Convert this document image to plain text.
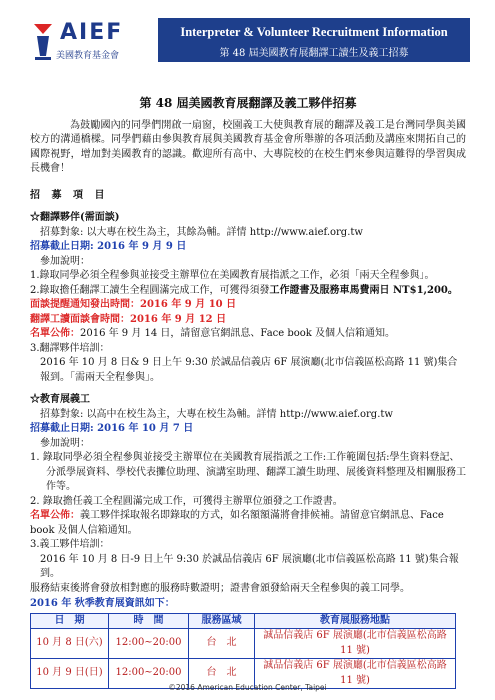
AIEF
美國教育基金會
Interpreter & Volunteer Recruitment Information
第 48 屆美國教育展翻譯工讀生及義工招募
第 48 屆美國教育展翻譯及義工夥伴招募

為鼓勵國內的同學們開啟一扇窗，校園義工大使與教育展的翻譯及義工是台灣同學與美國校方的溝通橋樑。同學們藉由參與教育展與美國教育基金會所舉辦的各項活動及講座來開拓自己的國際視野，增加對美國教育的認識。歡迎所有高中、大專院校的在校生們來參與這難得的學習與成長機會！

招 募 項 目
☆翻譯夥伴(需面談)
招募對象: 以大專在校生為主，其餘為輔。詳情 http://www.aief.org.tw
招募截止日期: 2016 年 9 月 9 日
參加說明：
1.錄取同學必須全程參與並接受主辦單位在美國教育展指派之工作，必須「兩天全程參與」。
2.錄取擔任翻譯工讀生全程圓滿完成工作，可獲得須發工作證書及服務車馬費兩日 NT$1,200。
面談提醒通知發出時間：2016 年 9 月 10 日
翻譯工讀面談會時間：2016 年 9 月 12 日
名單公佈：2016 年 9 月 14 日，請留意官網訊息、Face book 及個人信箱通知。
3.翻譯夥伴培訓：
2016 年 10 月 8 日& 9 日上午 9:30 於誠品信義店 6F 展演廳(北市信義區松高路 11 號)集合報到。「需兩天全程參與」。
☆教育展義工
招募對象: 以高中在校生為主，大專在校生為輔。詳情 http://www.aief.org.tw
招募截止日期: 2016 年 10 月 7 日
參加說明：
1. 錄取同學必須全程參與並接受主辦單位在美國教育展指派之工作:工作範圍包括:學生資料登記、分派學展資料、學校代表攤位助理、演講室助理、翻譯工讀生助理、展後資料整理及相關服務工作等。
2. 錄取擔任義工全程圓滿完成工作，可獲得主辦單位頒發之工作證書。
名單公佈：義工夥伴採取報名即錄取的方式，如名額額滿將會排候補。請留意官網訊息、Face book 及個人信箱通知。
3.義工夥伴培訓：
2016 年 10 月 8 日-9 日上午 9:30 於誠品信義店 6F 展演廳(北市信義區松高路 11 號)集合報到。
服務結束後將會發放相對應的服務時數證明；證書會頒發給兩天全程參與的義工同學。
2016 年 秋季教育展資訊如下：
日　期	時　間	服務區域	教育展服務地點
10 月 8 日(六)	12:00~20:00	台　北	誠品信義店 6F 展演廳(北市信義區松高路 11 號)
10 月 9 日(日)	12:00~20:00	台　北	誠品信義店 6F 展演廳(北市信義區松高路 11 號)
©2016 American Education Center, Taipei
